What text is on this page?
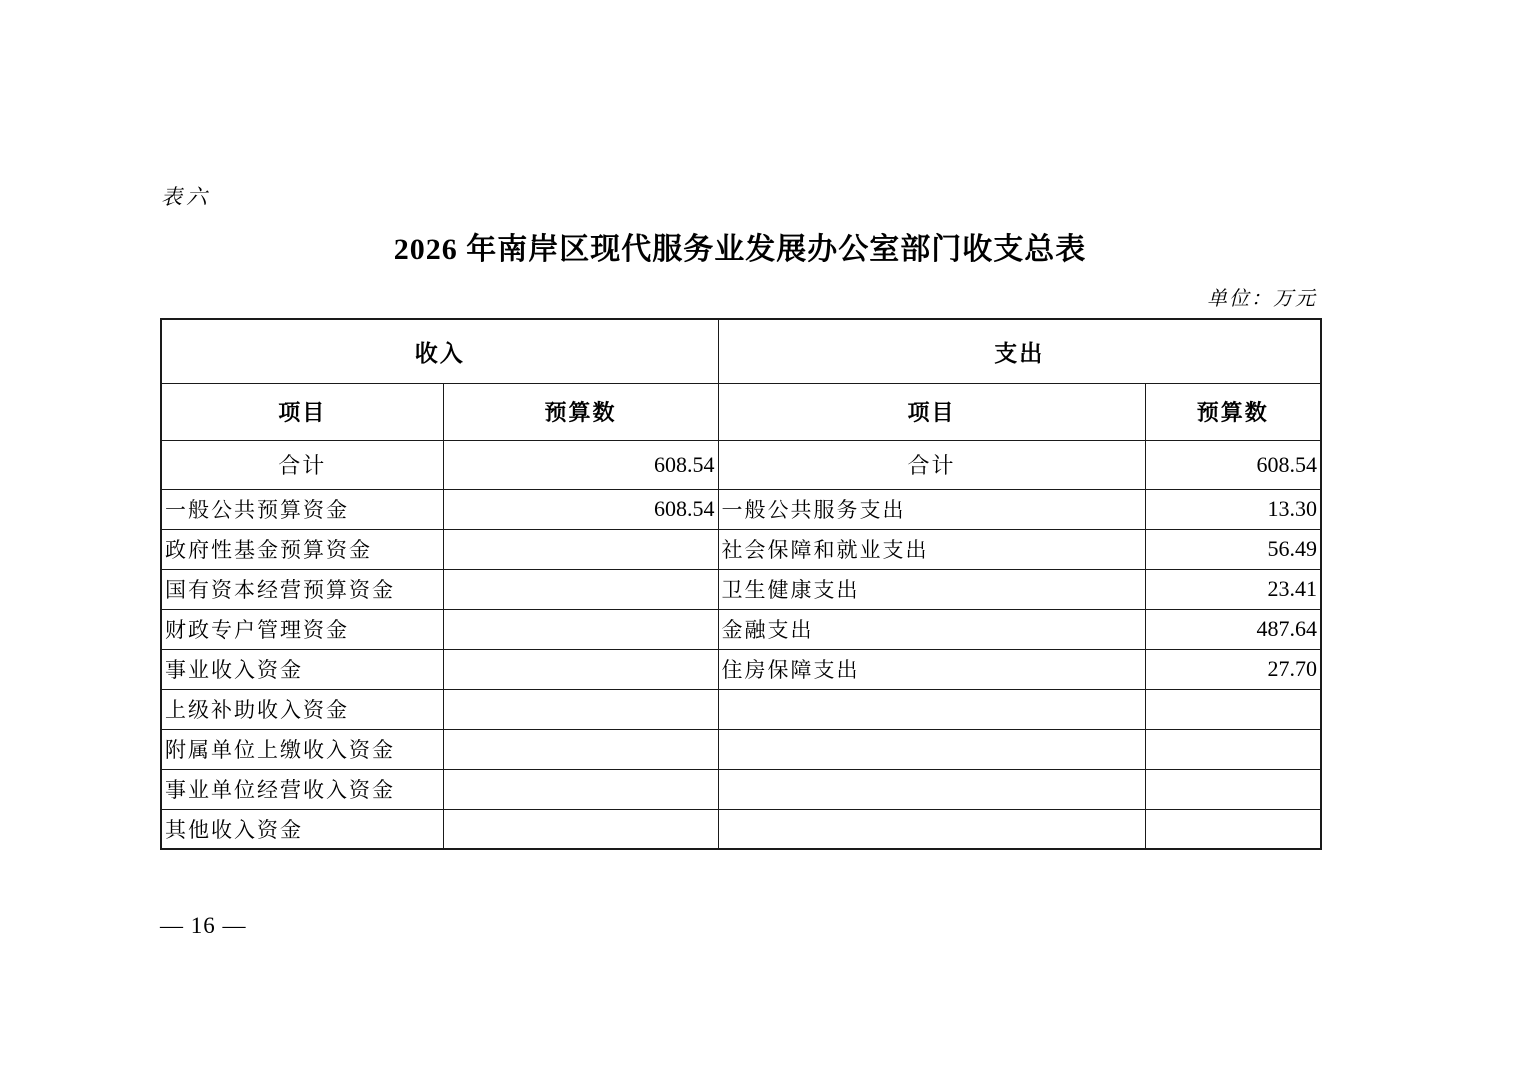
表六
2026 年南岸区现代服务业发展办公室部门收支总表
单位：万元
收入		支出	
项目	预算数	项目	预算数
合计	608.54	合计	608.54
一般公共预算资金	608.54	一般公共服务支出	13.30
政府性基金预算资金		社会保障和就业支出	56.49
国有资本经营预算资金		卫生健康支出	23.41
财政专户管理资金		金融支出	487.64
事业收入资金		住房保障支出	27.70
上级补助收入资金			
附属单位上缴收入资金			
事业单位经营收入资金			
其他收入资金			
— 16 —
